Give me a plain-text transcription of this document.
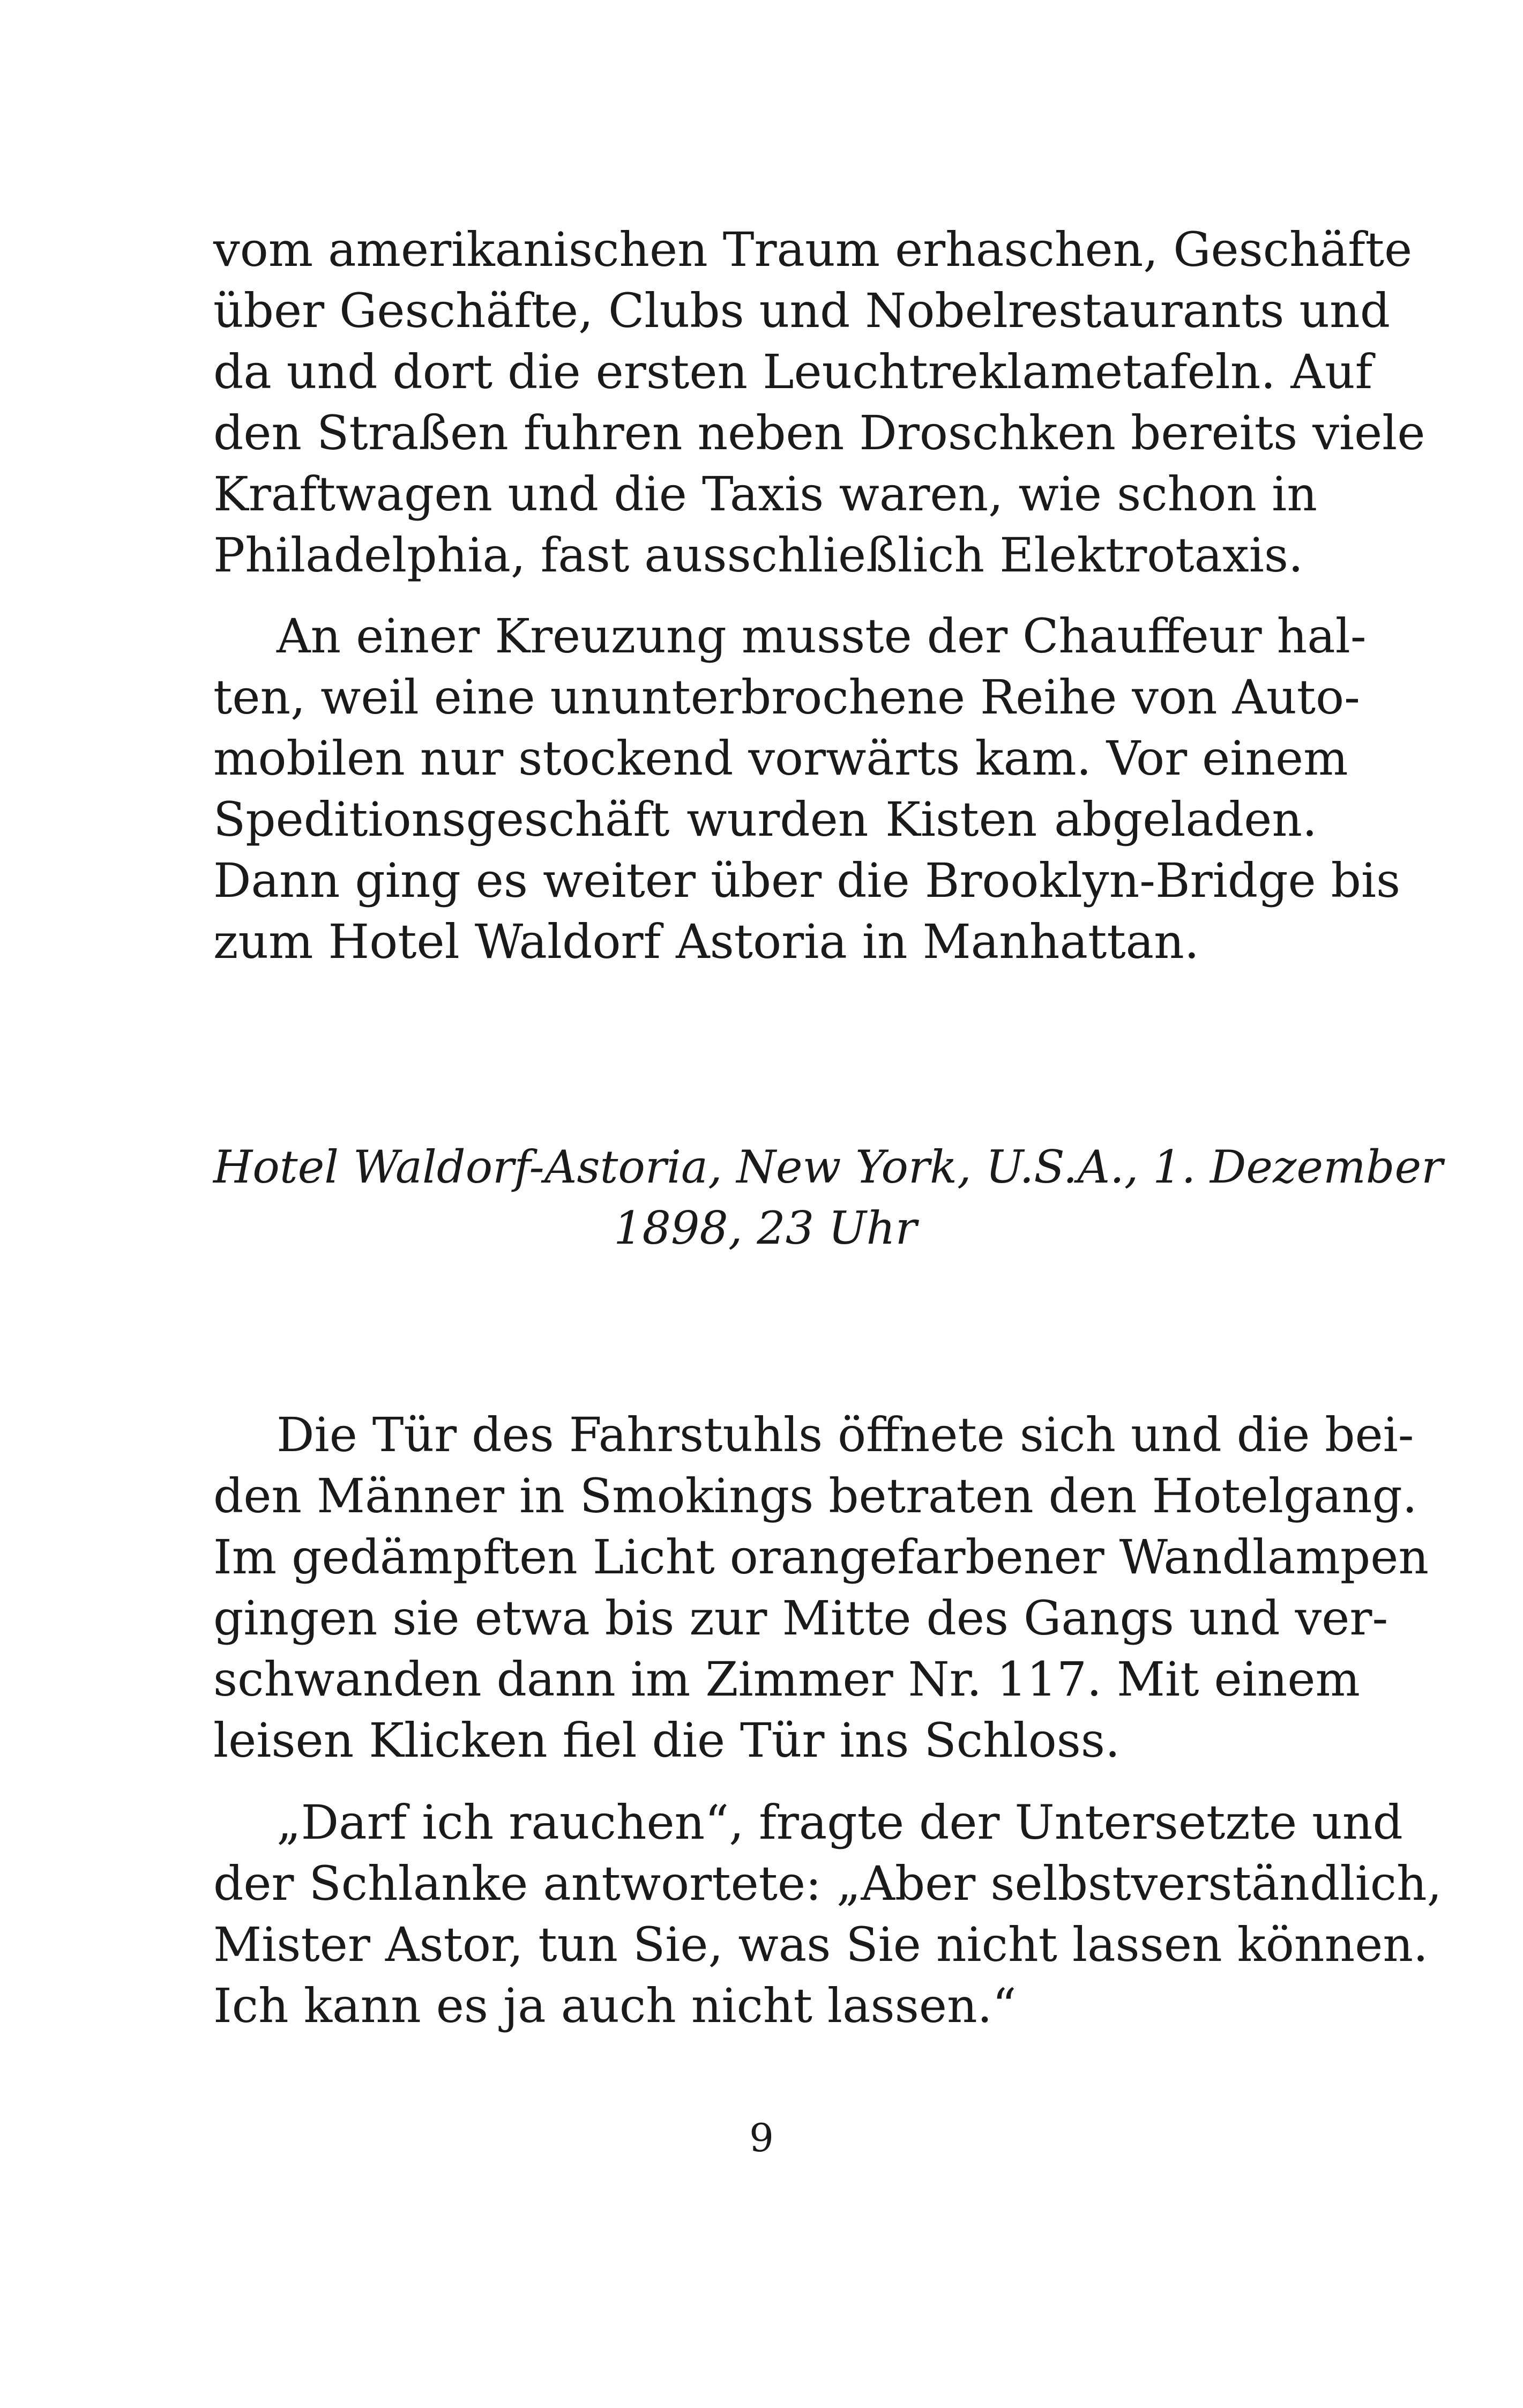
vom amerikanischen Traum erhaschen, Geschäfte
über Geschäfte, Clubs und Nobelrestaurants und
da und dort die ersten Leuchtreklametafeln. Auf
den Straßen fuhren neben Droschken bereits viele
Kraftwagen und die Taxis waren, wie schon in
Philadelphia, fast ausschließlich Elektrotaxis.
An einer Kreuzung musste der Chauffeur hal-
ten, weil eine ununterbrochene Reihe von Auto-
mobilen nur stockend vorwärts kam. Vor einem
Speditionsgeschäft wurden Kisten abgeladen.
Dann ging es weiter über die Brooklyn-Bridge bis
zum Hotel Waldorf Astoria in Manhattan.
Hotel Waldorf-Astoria, New York, U.S.A., 1. Dezember
1898, 23 Uhr
Die Tür des Fahrstuhls öffnete sich und die bei-
den Männer in Smokings betraten den Hotelgang.
Im gedämpften Licht orangefarbener Wandlampen
gingen sie etwa bis zur Mitte des Gangs und ver-
schwanden dann im Zimmer Nr. 117. Mit einem
leisen Klicken fiel die Tür ins Schloss.
„Darf ich rauchen“, fragte der Untersetzte und
der Schlanke antwortete: „Aber selbstverständlich,
Mister Astor, tun Sie, was Sie nicht lassen können.
Ich kann es ja auch nicht lassen.“
9
